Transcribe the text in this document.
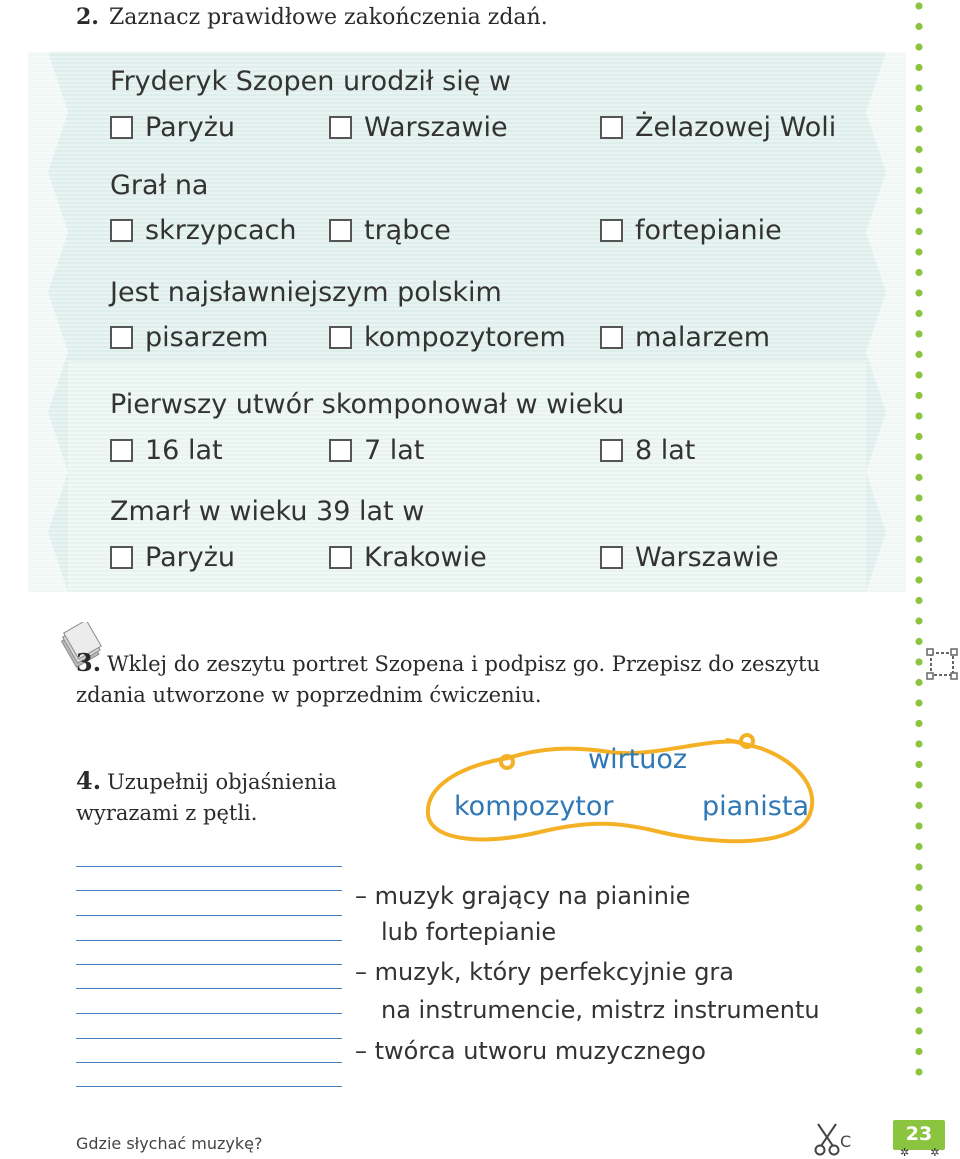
2. Zaznacz prawidłowe zakończenia zdań.
Fryderyk Szopen urodził się w
Paryżu	Warszawie	Żelazowej Woli
Grał na
skrzypcach	trąbce	fortepianie
Jest najsławniejszym polskim
pisarzem	kompozytorem	malarzem
Pierwszy utwór skomponował w wieku
16 lat	7 lat	8 lat
Zmarł w wieku 39 lat w
Paryżu	Krakowie	Warszawie
3. Wklej do zeszytu portret Szopena i podpisz go. Przepisz do zeszytu zdania utworzone w poprzednim ćwiczeniu.
4. Uzupełnij objaśnienia
wyrazami z pętli.
wirtuoz
kompozytor	pianista
– muzyk grający na pianinie
lub fortepianie
– muzyk, który perfekcyjnie gra
na instrumencie, mistrz instrumentu
– twórca utworu muzycznego
Gdzie słychać muzykę?	C	23
✲      ✲
